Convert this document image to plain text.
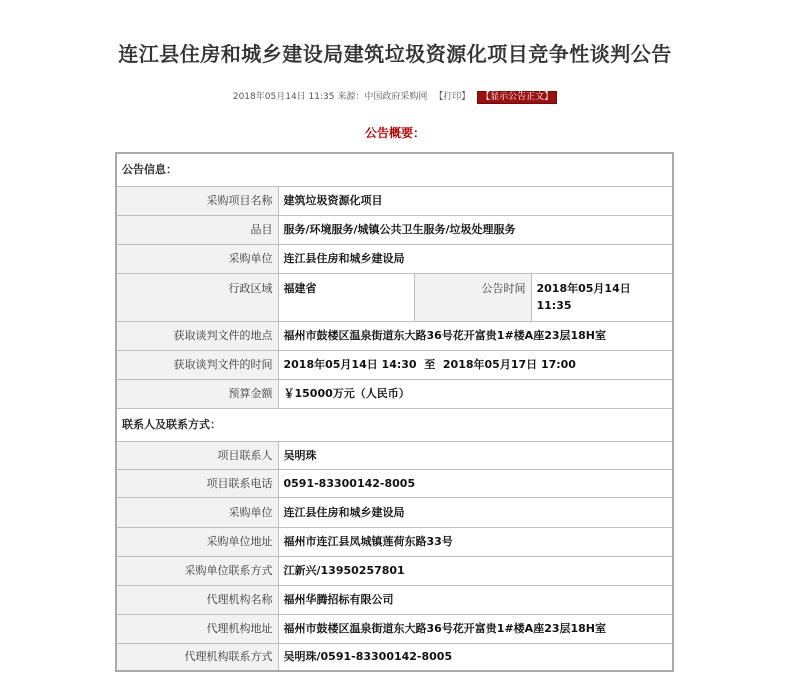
连江县住房和城乡建设局建筑垃圾资源化项目竞争性谈判公告
2018年05月14日 11:35 来源：中国政府采购网 【打印】 【显示公告正文】
公告概要：
公告信息：			
采购项目名称	建筑垃圾资源化项目		
品目	服务/环境服务/城镇公共卫生服务/垃圾处理服务		
采购单位	连江县住房和城乡建设局		
行政区域	福建省	公告时间	2018年05月14日 11:35
获取谈判文件的地点	福州市鼓楼区温泉街道东大路36号花开富贵1#楼A座23层18H室		
获取谈判文件的时间	2018年05月14日 14:30  至  2018年05月17日 17:00		
预算金额	￥15000万元（人民币）		
联系人及联系方式：			
项目联系人	吴明珠		
项目联系电话	0591-83300142-8005		
采购单位	连江县住房和城乡建设局		
采购单位地址	福州市连江县凤城镇莲荷东路33号		
采购单位联系方式	江新兴/13950257801		
代理机构名称	福州华腾招标有限公司		
代理机构地址	福州市鼓楼区温泉街道东大路36号花开富贵1#楼A座23层18H室		
代理机构联系方式	吴明珠/0591-83300142-8005		
